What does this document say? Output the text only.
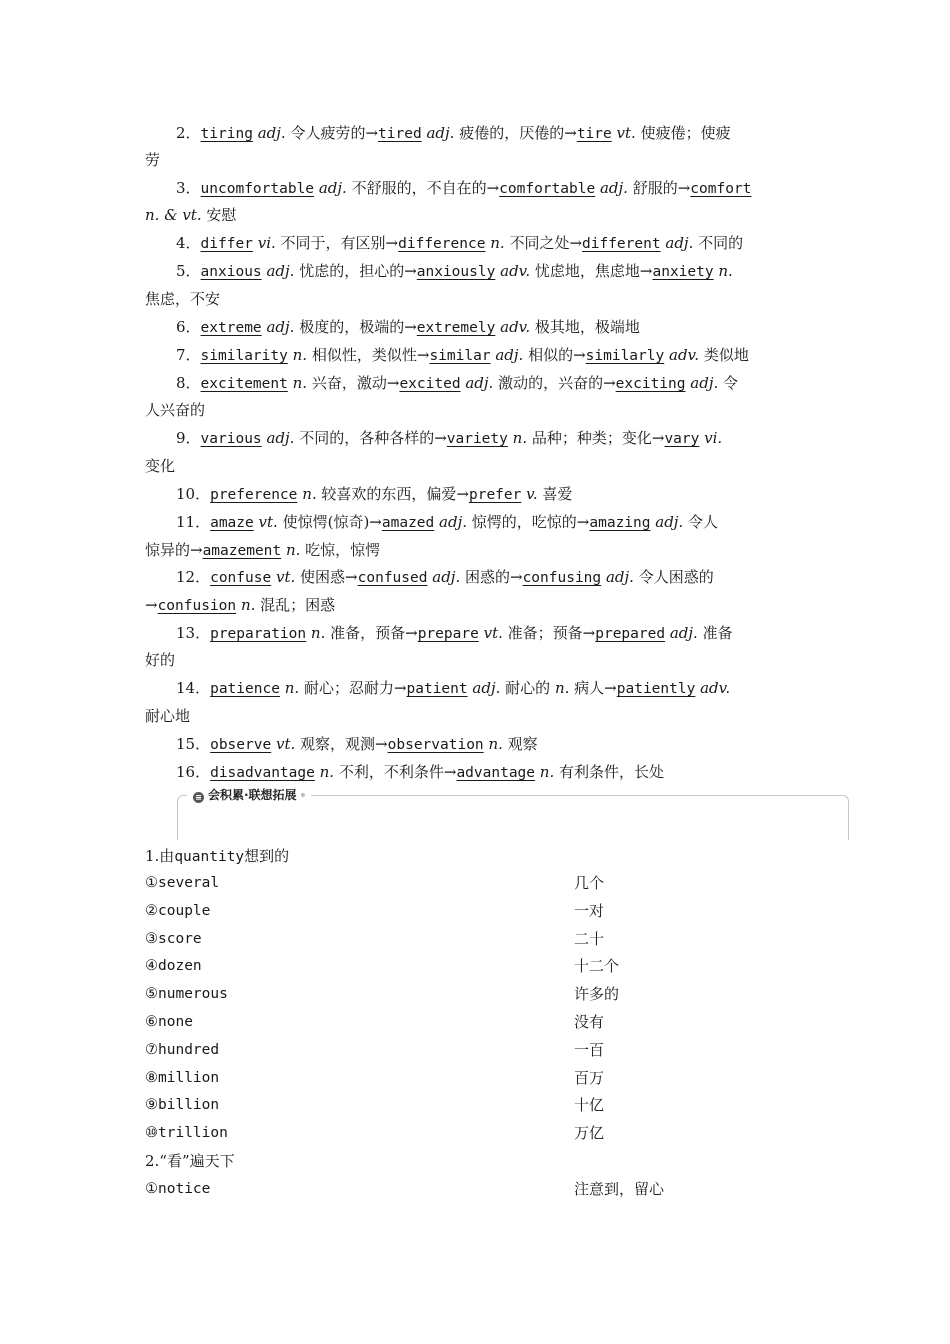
2．tiring adj. 令人疲劳的→tired adj. 疲倦的，厌倦的→tire vt. 使疲倦；使疲
劳
3．uncomfortable adj. 不舒服的，不自在的→comfortable adj. 舒服的→comfort
n. & vt. 安慰
4．differ vi. 不同于，有区别→difference n. 不同之处→different adj. 不同的
5．anxious adj. 忧虑的，担心的→anxiously adv. 忧虑地，焦虑地→anxiety n.
焦虑，不安
6．extreme adj. 极度的，极端的→extremely adv. 极其地，极端地
7．similarity n. 相似性，类似性→similar adj. 相似的→similarly adv. 类似地
8．excitement n. 兴奋，激动→excited adj. 激动的，兴奋的→exciting adj. 令
人兴奋的
9．various adj. 不同的，各种各样的→variety n. 品种；种类；变化→vary vi.
变化
10．preference n. 较喜欢的东西，偏爱→prefer v. 喜爱
11．amaze vt. 使惊愕(惊奇)→amazed adj. 惊愕的，吃惊的→amazing adj. 令人
惊异的→amazement n. 吃惊，惊愕
12．confuse vt. 使困惑→confused adj. 困惑的→confusing adj. 令人困惑的
→confusion n. 混乱；困惑
13．preparation n. 准备，预备→prepare vt. 准备；预备→prepared adj. 准备
好的
14．patience n. 耐心；忍耐力→patient adj. 耐心的 n. 病人→patiently adv.
耐心地
15．observe vt. 观察，观测→observation n. 观察
16．disadvantage n. 不利，不利条件→advantage n. 有利条件，长处
≡ 会积累·联想拓展
1.由quantity想到的
①several	几个
②couple	一对
③score	二十
④dozen	十二个
⑤numerous	许多的
⑥none	没有
⑦hundred	一百
⑧million	百万
⑨billion	十亿
⑩trillion	万亿
2.“看”遍天下
①notice	注意到，留心
